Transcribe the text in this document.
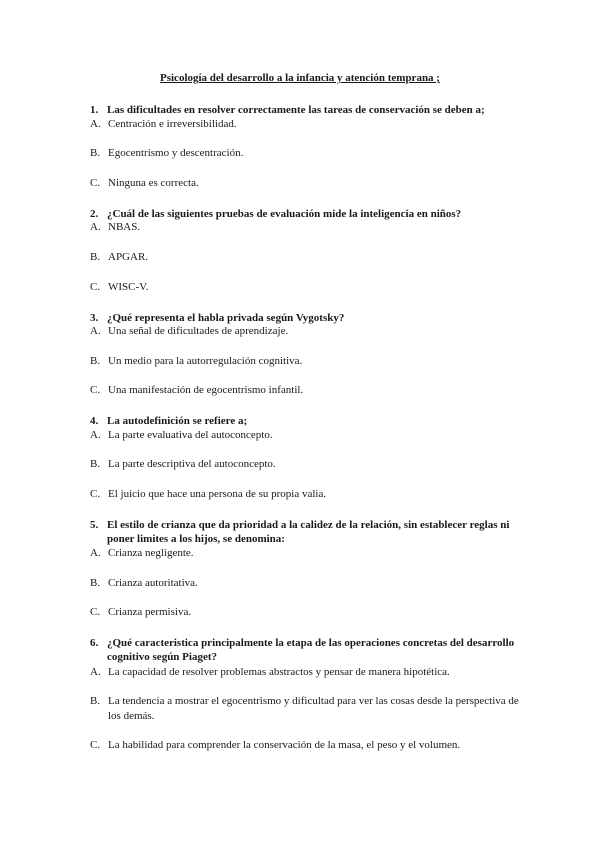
Psicología del desarrollo a la infancia y atención temprana ;
1. Las dificultades en resolver correctamente las tareas de conservación se deben a;
A. Centración e irreversibilidad.
B. Egocentrismo y descentración.
C. Ninguna es correcta.
2. ¿Cuál de las siguientes pruebas de evaluación mide la inteligencia en niños?
A. NBAS.
B. APGAR.
C. WISC-V.
3. ¿Qué representa el habla privada según Vygotsky?
A. Una señal de dificultades de aprendizaje.
B. Un medio para la autorregulación cognitiva.
C. Una manifestación de egocentrismo infantil.
4. La autodefinición se refiere a;
A. La parte evaluativa del autoconcepto.
B. La parte descriptiva del autoconcepto.
C. El juicio que hace una persona de su propia valia.
5. El estilo de crianza que da prioridad a la calidez de la relación, sin establecer reglas ni poner limites a los hijos, se denomina:
A. Crianza negligente.
B. Crianza autoritativa.
C. Crianza permisiva.
6. ¿Qué caracteristica principalmente la etapa de las operaciones concretas del desarrollo cognitivo según Piaget?
A. La capacidad de resolver problemas abstractos y pensar de manera hipotética.
B. La tendencia a mostrar el egocentrismo y dificultad para ver las cosas desde la perspectiva de los demás.
C. La habilidad para comprender la conservación de la masa, el peso y el volumen.
